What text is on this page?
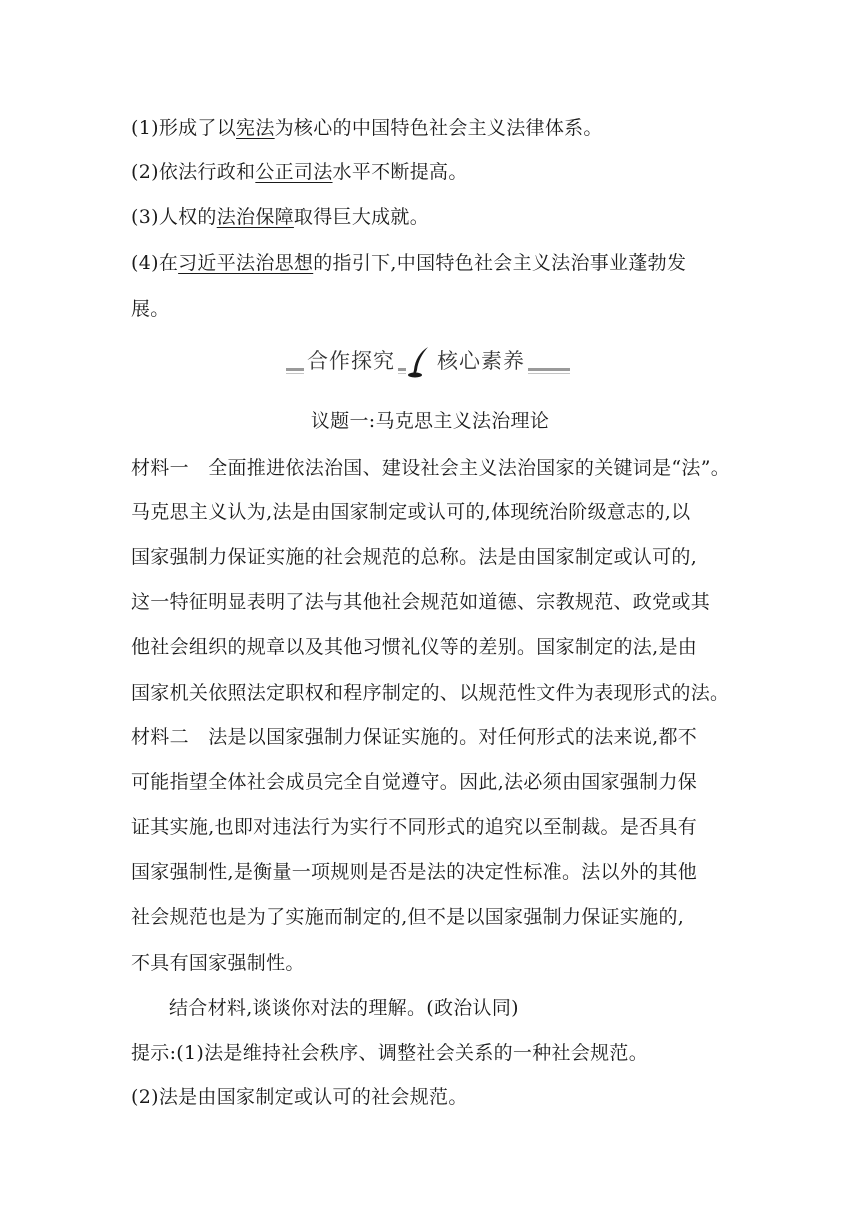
(1)形成了以宪法为核心的中国特色社会主义法律体系。
(2)依法行政和公正司法水平不断提高。
(3)人权的法治保障取得巨大成就。
(4)在习近平法治思想的指引下,中国特色社会主义法治事业蓬勃发
展。
合作探究 核心素养
议题一:马克思主义法治理论
材料一　全面推进依法治国、建设社会主义法治国家的关键词是“法”。
马克思主义认为,法是由国家制定或认可的,体现统治阶级意志的,以
国家强制力保证实施的社会规范的总称。法是由国家制定或认可的,
这一特征明显表明了法与其他社会规范如道德、宗教规范、政党或其
他社会组织的规章以及其他习惯礼仪等的差别。国家制定的法,是由
国家机关依照法定职权和程序制定的、以规范性文件为表现形式的法。
材料二　法是以国家强制力保证实施的。对任何形式的法来说,都不
可能指望全体社会成员完全自觉遵守。因此,法必须由国家强制力保
证其实施,也即对违法行为实行不同形式的追究以至制裁。是否具有
国家强制性,是衡量一项规则是否是法的决定性标准。法以外的其他
社会规范也是为了实施而制定的,但不是以国家强制力保证实施的,
不具有国家强制性。
结合材料,谈谈你对法的理解。(政治认同)
提示:(1)法是维持社会秩序、调整社会关系的一种社会规范。
(2)法是由国家制定或认可的社会规范。
